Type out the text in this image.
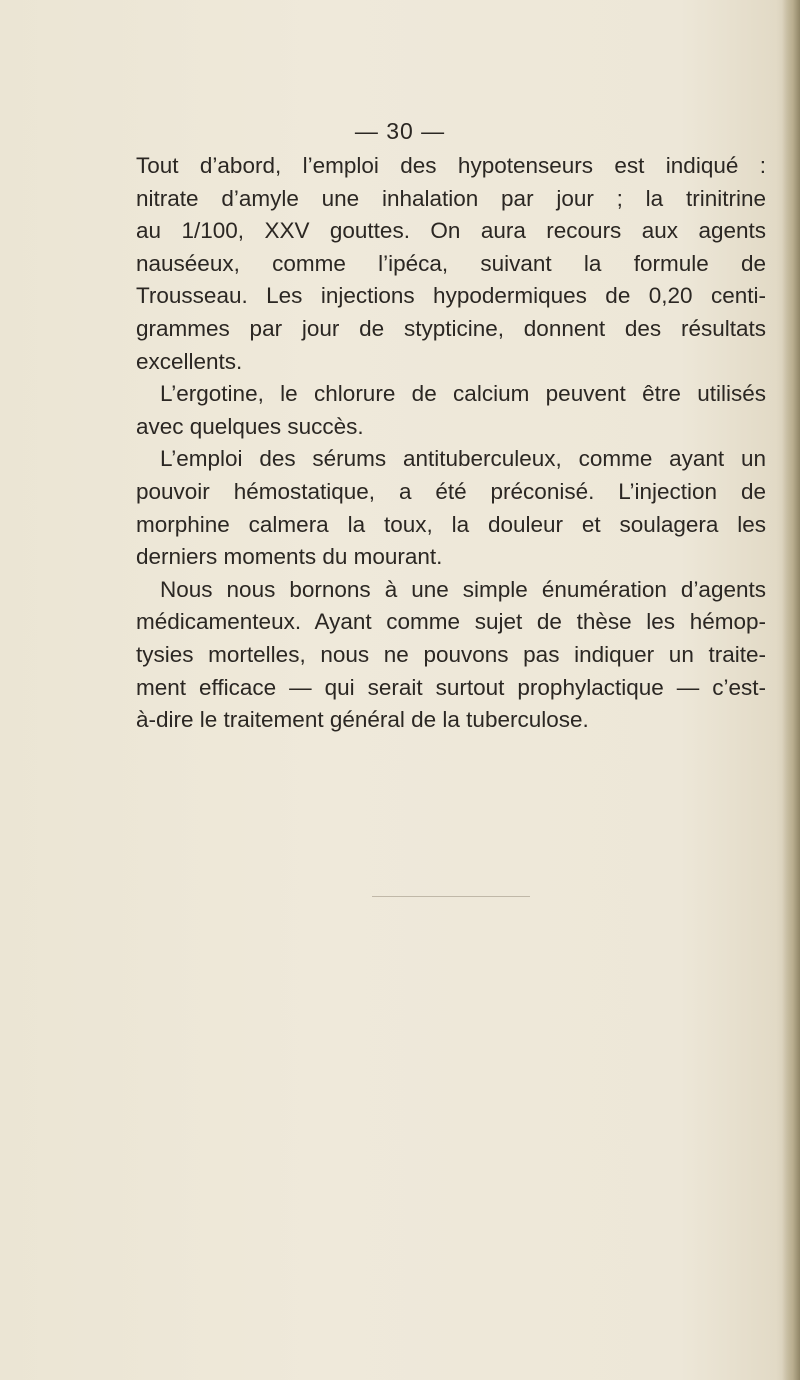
— 30 —
Tout d’abord, l’emploi des hypotenseurs est indiqué :
nitrate d’amyle une inhalation par jour ; la trinitrine
au 1/100, XXV gouttes. On aura recours aux agents
nauséeux, comme l’ipéca, suivant la formule de
Trousseau. Les injections hypodermiques de 0,20 centi-
grammes par jour de stypticine, donnent des résultats
excellents.
L’ergotine, le chlorure de calcium peuvent être utilisés
avec quelques succès.
L’emploi des sérums antituberculeux, comme ayant un
pouvoir hémostatique, a été préconisé. L’injection de
morphine calmera la toux, la douleur et soulagera les
derniers moments du mourant.
Nous nous bornons à une simple énumération d’agents
médicamenteux. Ayant comme sujet de thèse les hémop-
tysies mortelles, nous ne pouvons pas indiquer un traite-
ment efficace — qui serait surtout prophylactique — c’est-
à-dire le traitement général de la tuberculose.
